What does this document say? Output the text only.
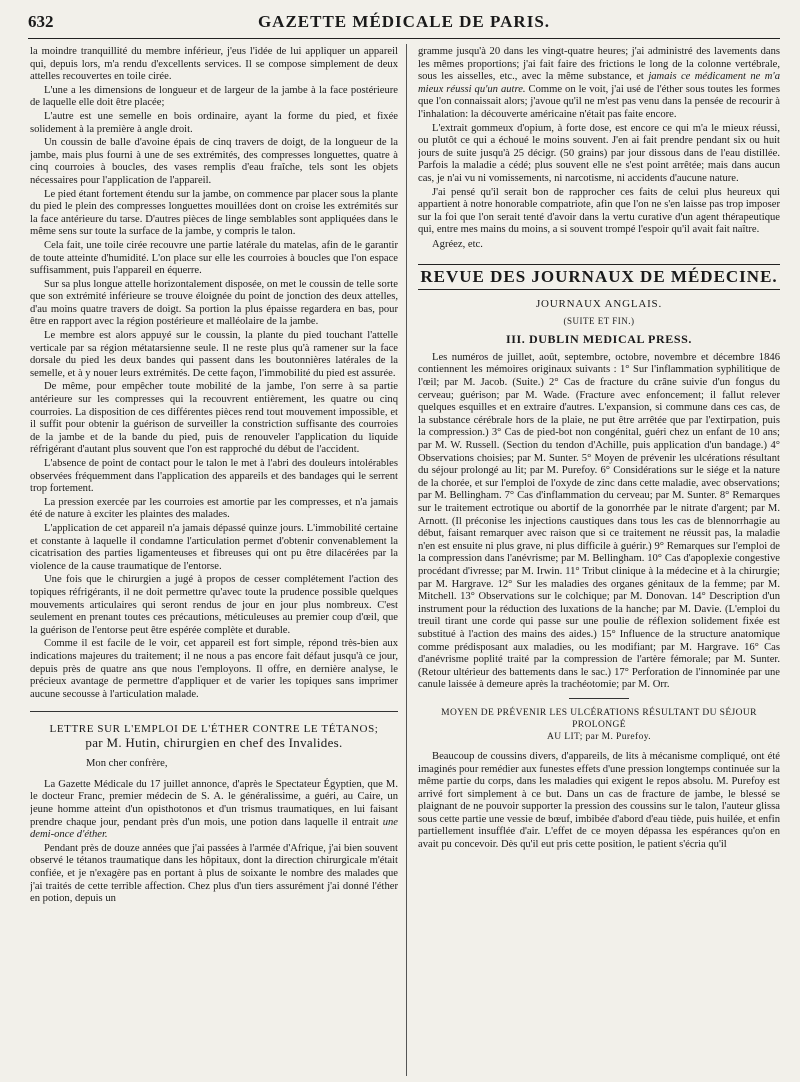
632	GAZETTE MÉDICALE DE PARIS.

la moindre tranquillité du membre inférieur, j'eus l'idée de lui appliquer un appareil qui, depuis lors, m'a rendu d'excellents services. Il se compose simplement de deux attelles recouvertes en toile cirée.

L'une a les dimensions de longueur et de largeur de la jambe à la face postérieure de laquelle elle doit être placée;

L'autre est une semelle en bois ordinaire, ayant la forme du pied, et fixée solidement à la première à angle droit.

Un coussin de balle d'avoine épais de cinq travers de doigt, de la longueur de la jambe, mais plus fourni à une de ses extrémités, des compresses longuettes, quatre à cinq courroies à boucles, des vases remplis d'eau fraîche, tels sont les objets nécessaires pour l'application de l'appareil.

Le pied étant fortement étendu sur la jambe, on commence par placer sous la plante du pied le plein des compresses longuettes mouillées dont on croise les extrémités sur la face antérieure du tarse. D'autres pièces de linge semblables sont appliquées dans le même sens sur toute la surface de la jambe, y compris le talon.

Cela fait, une toile cirée recouvre une partie latérale du matelas, afin de le garantir de toute atteinte d'humidité. L'on place sur elle les courroies à boucles que l'on espace suffisamment, puis l'appareil en équerre.

Sur sa plus longue attelle horizontalement disposée, on met le coussin de telle sorte que son extrémité inférieure se trouve éloignée du point de jonction des deux attelles, d'au moins quatre travers de doigt. Sa portion la plus épaisse regardera en bas, pour être en rapport avec la région postérieure et malléolaire de la jambe.

Le membre est alors appuyé sur le coussin, la plante du pied touchant l'attelle verticale par sa région métatarsienne seule. Il ne reste plus qu'à ramener sur la face dorsale du pied les deux bandes qui passent dans les boutonnières latérales de la semelle, et à y nouer leurs extrémités. De cette façon, l'immobilité du pied est assurée.

De même, pour empêcher toute mobilité de la jambe, l'on serre à sa partie antérieure sur les compresses qui la recouvrent entièrement, les quatre ou cinq courroies. La disposition de ces différentes pièces rend tout mouvement impossible, et il suffit pour obtenir la guérison de surveiller la constriction suffisante des courroies de la jambe et de la bande du pied, puis de renouveler l'application du liquide réfrigérant d'autant plus souvent que l'on est rapproché du début de l'accident.

L'absence de point de contact pour le talon le met à l'abri des douleurs intolérables observées fréquemment dans l'application des appareils et des bandages qui le serrent trop fortement.

La pression exercée par les courroies est amortie par les compresses, et n'a jamais été de nature à exciter les plaintes des malades.

L'application de cet appareil n'a jamais dépassé quinze jours. L'immobilité certaine et constante à laquelle il condamne l'articulation permet d'obtenir convenablement la cicatrisation des parties ligamenteuses et fibreuses qui ont pu être dilacérées par la violence de la cause traumatique de l'entorse.

Une fois que le chirurgien a jugé à propos de cesser complétement l'action des topiques réfrigérants, il ne doit permettre qu'avec toute la prudence possible quelques mouvements articulaires qui seront rendus de jour en jour plus nombreux. C'est seulement en prenant toutes ces précautions, méticuleuses au premier coup d'œil, que la guérison de l'entorse peut être espérée complète et durable.

Comme il est facile de le voir, cet appareil est fort simple, répond très-bien aux indications majeures du traitement; il ne nous a pas encore fait défaut jusqu'à ce jour, depuis près de quatre ans que nous l'employons. Il offre, en dernière analyse, le précieux avantage de permettre d'appliquer et de varier les topiques sans imprimer aucune secousse à l'articulation malade.

LETTRE SUR L'EMPLOI DE L'ÉTHER CONTRE LE TÉTANOS;
par M. Hutin, chirurgien en chef des Invalides.

Mon cher confrère,

La Gazette Médicale du 17 juillet annonce, d'après le Spectateur Égyptien, que M. le docteur Franc, premier médecin de S. A. le généralissime, a guéri, au Caire, un jeune homme atteint d'un opisthotonos et d'un trismus traumatiques, en lui faisant prendre chaque jour, pendant près d'un mois, une potion dans laquelle il entrait une demi-once d'éther.

Pendant près de douze années que j'ai passées à l'armée d'Afrique, j'ai bien souvent observé le tétanos traumatique dans les hôpitaux, dont la direction chirurgicale m'était confiée, et je n'exagère pas en portant à plus de soixante le nombre des malades que j'ai traités de cette terrible affection. Chez plus d'un tiers assurément j'ai donné l'éther en potion, depuis un

gramme jusqu'à 20 dans les vingt-quatre heures; j'ai administré des lavements dans les mêmes proportions; j'ai fait faire des frictions le long de la colonne vertébrale, sous les aisselles, etc., avec la même substance, et jamais ce médicament ne m'a mieux réussi qu'un autre. Comme on le voit, j'ai usé de l'éther sous toutes les formes que l'on connaissait alors; j'avoue qu'il ne m'est pas venu dans la pensée de recourir à l'inhalation: la découverte américaine n'était pas faite encore.

L'extrait gommeux d'opium, à forte dose, est encore ce qui m'a le mieux réussi, ou plutôt ce qui a échoué le moins souvent. J'en ai fait prendre pendant six ou huit jours de suite jusqu'à 25 décigr. (50 grains) par jour dissous dans de l'eau distillée. Parfois la maladie a cédé; plus souvent elle ne s'est point arrêtée; mais dans aucun cas, je n'ai vu ni vomissements, ni narcotisme, ni accidents d'aucune nature.

J'ai pensé qu'il serait bon de rapprocher ces faits de celui plus heureux qui appartient à notre honorable compatriote, afin que l'on ne s'en laisse pas trop imposer sur la foi que l'on serait tenté d'avoir dans la vertu curative d'un agent thérapeutique qui, entre mes mains du moins, a si souvent trompé l'espoir qu'il avait fait naître.

Agréez, etc.

REVUE DES JOURNAUX DE MÉDECINE.
JOURNAUX ANGLAIS.
(SUITE ET FIN.)
III. DUBLIN MEDICAL PRESS.

Les numéros de juillet, août, septembre, octobre, novembre et décembre 1846 contiennent les mémoires originaux suivants : 1° Sur l'inflammation syphilitique de l'œil; par M. Jacob. (Suite.) 2° Cas de fracture du crâne suivie d'un fongus du cerveau; guérison; par M. Wade. (Fracture avec enfoncement; il fallut relever quelques esquilles et en extraire d'autres. L'expansion, si commune dans ces cas, de la substance cérébrale hors de la plaie, ne put être arrêtée que par l'extirpation, puis la compression.) 3° Cas de pied-bot non congénital, guéri chez un enfant de 10 ans; par M. W. Russell. (Section du tendon d'Achille, puis application d'un bandage.) 4° Observations choisies; par M. Sunter. 5° Moyen de prévenir les ulcérations résultant du séjour prolongé au lit; par M. Purefoy. 6° Considérations sur le siége et la nature de la chorée, et sur l'emploi de l'oxyde de zinc dans cette maladie, avec observations; par M. Bellingham. 7° Cas d'inflammation du cerveau; par M. Sunter. 8° Remarques sur le traitement ectrotique ou abortif de la gonorrhée par le nitrate d'argent; par M. Arnott. (Il préconise les injections caustiques dans tous les cas de blennorrhagie au début, faisant remarquer avec raison que si ce traitement ne réussit pas, la maladie n'en est ensuite ni plus grave, ni plus difficile à guérir.) 9° Remarques sur l'emploi de la compression dans l'anévrisme; par M. Bellingham. 10° Cas d'apoplexie congestive procédant d'ivresse; par M. Irwin. 11° Tribut clinique à la médecine et à la chirurgie; par M. Hargrave. 12° Sur les maladies des organes génitaux de la femme; par M. Mitchell. 13° Observations sur le colchique; par M. Donovan. 14° Description d'un instrument pour la réduction des luxations de la hanche; par M. Davie. (L'emploi du treuil tirant une corde qui passe sur une poulie de réflexion solidement fixée est substitué à l'action des mains des aides.) 15° Influence de la structure anatomique comme prédisposant aux maladies, ou les modifiant; par M. Hargrave. 16° Cas d'anévrisme poplité traité par la compression de l'artère fémorale; par M. Sunter. (Retour ultérieur des battements dans le sac.) 17° Perforation de l'innominée par une canule laissée à demeure après la trachéotomie; par M. Orr.

MOYEN DE PRÉVENIR LES ULCÉRATIONS RÉSULTANT DU SÉJOUR PROLONGÉ
AU LIT; par M. Purefoy.

Beaucoup de coussins divers, d'appareils, de lits à mécanisme compliqué, ont été imaginés pour remédier aux funestes effets d'une pression longtemps continuée sur la même partie du corps, dans les maladies qui exigent le repos absolu. M. Purefoy est arrivé fort simplement à ce but. Dans un cas de fracture de jambe, le blessé se plaignant de ne pouvoir supporter la pression des coussins sur le talon, l'auteur glissa sous cette partie une vessie de bœuf, imbibée d'abord d'eau tiède, puis huilée, et enfin partiellement insufflée d'air. L'effet de ce moyen dépassa les espérances qu'on en avait pu concevoir. Dès qu'il eut pris cette position, le patient s'écria qu'il
